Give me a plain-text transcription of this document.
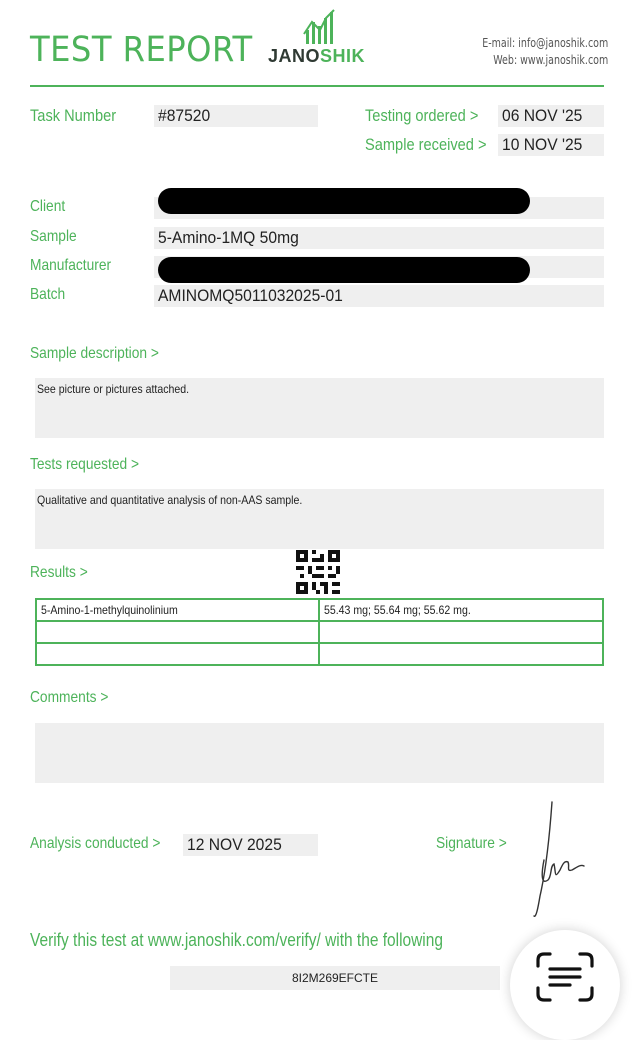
TEST REPORT JANOSHIK
E-mail: info@janoshik.com
Web: www.janoshik.com
Task Number #87520	Testing ordered > 06 NOV '25
Sample received > 10 NOV '25
Client
Sample	5-Amino-1MQ 50mg
Manufacturer
Batch	AMINOMQ5011032025-01
Sample description >
See picture or pictures attached.
Tests requested >
Qualitative and quantitative analysis of non-AAS sample.
Results >
5-Amino-1-methylquinolinium	55.43 mg; 55.64 mg; 55.62 mg.

Comments >
Analysis conducted > 12 NOV 2025	Signature >
Verify this test at www.janoshik.com/verify/ with the following
8I2M269EFCTE
